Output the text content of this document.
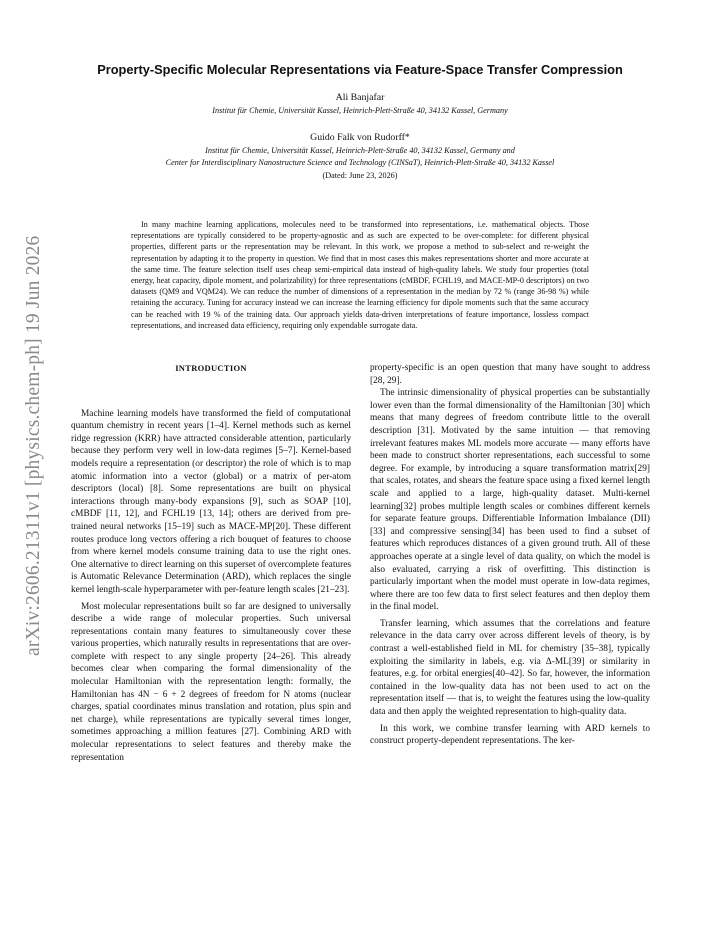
arXiv:2606.21311v1 [physics.chem-ph] 19 Jun 2026
Property-Specific Molecular Representations via Feature-Space Transfer Compression
Ali Banjafar
Institut für Chemie, Universität Kassel, Heinrich-Plett-Straße 40, 34132 Kassel, Germany
Guido Falk von Rudorff*
Institut für Chemie, Universität Kassel, Heinrich-Plett-Straße 40, 34132 Kassel, Germany and
Center for Interdisciplinary Nanostructure Science and Technology (CINSaT), Heinrich-Plett-Straße 40, 34132 Kassel
(Dated: June 23, 2026)

In many machine learning applications, molecules need to be transformed into representations, i.e. mathematical objects. Those representations are typically considered to be property-agnostic and as such are expected to be over-complete: for different physical properties, different parts or the representation may be relevant. In this work, we propose a method to sub-select and re-weight the representation by adapting it to the property in question. We find that in most cases this makes representations shorter and more accurate at the same time. The feature selection itself uses cheap semi-empirical data instead of high-quality labels. We study four properties (total energy, heat capacity, dipole moment, and polarizability) for three representations (cMBDF, FCHL19, and MACE-MP-0 descriptors) on two datasets (QM9 and VQM24). We can reduce the number of dimensions of a representation in the median by 72 % (range 36-98 %) while retaining the accuracy. Tuning for accuracy instead we can increase the learning efficiency for dipole moments such that the same accuracy can be reached with 19 % of the training data. Our approach yields data-driven interpretations of feature importance, lossless compact representations, and increased data efficiency, requiring only expendable surrogate data.

INTRODUCTION

Machine learning models have transformed the field of computational quantum chemistry in recent years [1–4]. Kernel methods such as kernel ridge regression (KRR) have attracted considerable attention, particularly because they perform very well in low-data regimes [5–7]. Kernel-based models require a representation (or descriptor) the role of which is to map atomic information into a vector (global) or a matrix of per-atom descriptors (local) [8]. Some representations are built on physical interactions through many-body expansions [9], such as SOAP [10], cMBDF [11, 12], and FCHL19 [13, 14]; others are derived from pre-trained neural networks [15–19] such as MACE-MP[20]. These different routes produce long vectors offering a rich bouquet of features to choose from where kernel models consume training data to use the right ones. One alternative to direct learning on this superset of overcomplete features is Automatic Relevance Determination (ARD), which replaces the single kernel length-scale hyperparameter with per-feature length scales [21–23].

Most molecular representations built so far are designed to universally describe a wide range of molecular properties. Such universal representations contain many features to simultaneously cover these various properties, which naturally results in representations that are over-complete with respect to any single property [24–26]. This already becomes clear when comparing the formal dimensionality of the molecular Hamiltonian with the representation length: formally, the Hamiltonian has 4N − 6 + 2 degrees of freedom for N atoms (nuclear charges, spatial coordinates minus translation and rotation, plus spin and net charge), while representations are typically several times longer, sometimes approaching a million features [27]. Combining ARD with molecular representations to select features and thereby make the representation

property-specific is an open question that many have sought to address [28, 29].

The intrinsic dimensionality of physical properties can be substantially lower even than the formal dimensionality of the Hamiltonian [30] which means that many degrees of freedom contribute little to the overall description [31]. Motivated by the same intuition — that removing irrelevant features makes ML models more accurate — many efforts have been made to construct shorter representations, each successful to some degree. For example, by introducing a square transformation matrix[29] that scales, rotates, and shears the feature space using a fixed kernel length scale and applied to a large, high-quality dataset. Multi-kernel learning[32] probes multiple length scales or combines different kernels for separate feature groups. Differentiable Information Imbalance (DII)[33] and compressive sensing[34] has been used to find a subset of features which reproduces distances of a given ground truth. All of these approaches operate at a single level of data quality, on which the model is also evaluated, carrying a risk of overfitting. This distinction is particularly important when the model must operate in low-data regimes, where there are too few data to first select features and then deploy them in the final model.

Transfer learning, which assumes that the correlations and feature relevance in the data carry over across different levels of theory, is by contrast a well-established field in ML for chemistry [35–38], typically exploiting the similarity in labels, e.g. via Δ-ML[39] or similarity in features, e.g. for orbital energies[40–42]. So far, however, the information contained in the low-quality data has not been used to act on the representation itself — that is, to weight the features using the low-quality data and then apply the weighted representation to high-quality data.

In this work, we combine transfer learning with ARD kernels to construct property-dependent representations. The ker-
